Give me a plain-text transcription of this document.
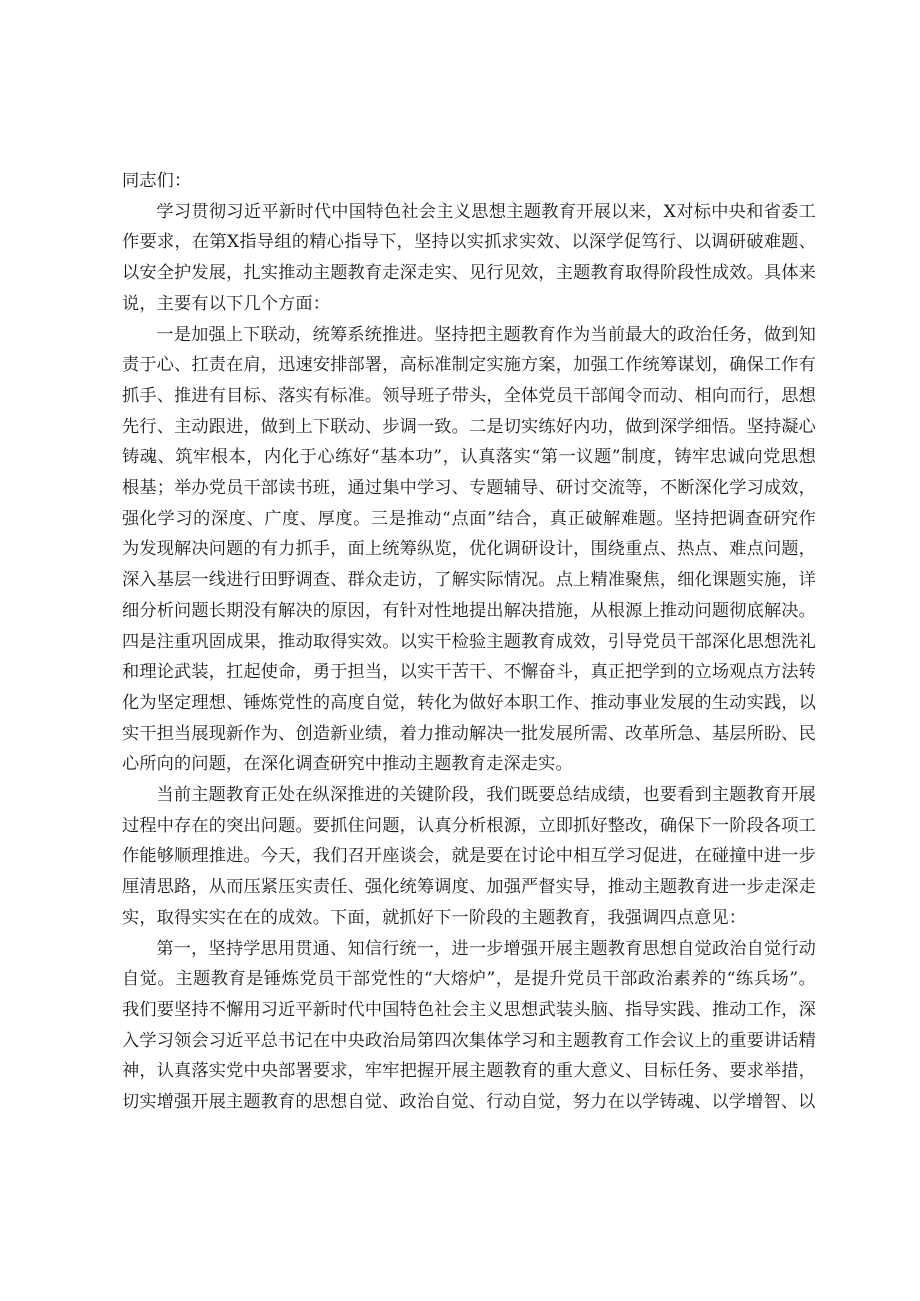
同志们：

学习贯彻习近平新时代中国特色社会主义思想主题教育开展以来，X对标中央和省委工作要求，在第X指导组的精心指导下，坚持以实抓求实效、以深学促笃行、以调研破难题、以安全护发展，扎实推动主题教育走深走实、见行见效，主题教育取得阶段性成效。具体来说，主要有以下几个方面：

一是加强上下联动，统筹系统推进。坚持把主题教育作为当前最大的政治任务，做到知责于心、扛责在肩，迅速安排部署，高标准制定实施方案，加强工作统筹谋划，确保工作有抓手、推进有目标、落实有标准。领导班子带头，全体党员干部闻令而动、相向而行，思想先行、主动跟进，做到上下联动、步调一致。二是切实练好内功，做到深学细悟。坚持凝心铸魂、筑牢根本，内化于心练好“基本功”，认真落实“第一议题”制度，铸牢忠诚向党思想根基；举办党员干部读书班，通过集中学习、专题辅导、研讨交流等，不断深化学习成效，强化学习的深度、广度、厚度。三是推动“点面”结合，真正破解难题。坚持把调查研究作为发现解决问题的有力抓手，面上统筹纵览，优化调研设计，围绕重点、热点、难点问题，深入基层一线进行田野调查、群众走访，了解实际情况。点上精准聚焦，细化课题实施，详细分析问题长期没有解决的原因，有针对性地提出解决措施，从根源上推动问题彻底解决。四是注重巩固成果，推动取得实效。以实干检验主题教育成效，引导党员干部深化思想洗礼和理论武装，扛起使命，勇于担当，以实干苦干、不懈奋斗，真正把学到的立场观点方法转化为坚定理想、锤炼党性的高度自觉，转化为做好本职工作、推动事业发展的生动实践，以实干担当展现新作为、创造新业绩，着力推动解决一批发展所需、改革所急、基层所盼、民心所向的问题，在深化调查研究中推动主题教育走深走实。

当前主题教育正处在纵深推进的关键阶段，我们既要总结成绩，也要看到主题教育开展过程中存在的突出问题。要抓住问题，认真分析根源，立即抓好整改，确保下一阶段各项工作能够顺理推进。今天，我们召开座谈会，就是要在讨论中相互学习促进，在碰撞中进一步厘清思路，从而压紧压实责任、强化统筹调度、加强严督实导，推动主题教育进一步走深走实，取得实实在在的成效。下面，就抓好下一阶段的主题教育，我强调四点意见：

第一，坚持学思用贯通、知信行统一，进一步增强开展主题教育思想自觉政治自觉行动自觉。主题教育是锤炼党员干部党性的“大熔炉”，是提升党员干部政治素养的“练兵场”。我们要坚持不懈用习近平新时代中国特色社会主义思想武装头脑、指导实践、推动工作，深入学习领会习近平总书记在中央政治局第四次集体学习和主题教育工作会议上的重要讲话精神，认真落实党中央部署要求，牢牢把握开展主题教育的重大意义、目标任务、要求举措，切实增强开展主题教育的思想自觉、政治自觉、行动自觉，努力在以学铸魂、以学增智、以
